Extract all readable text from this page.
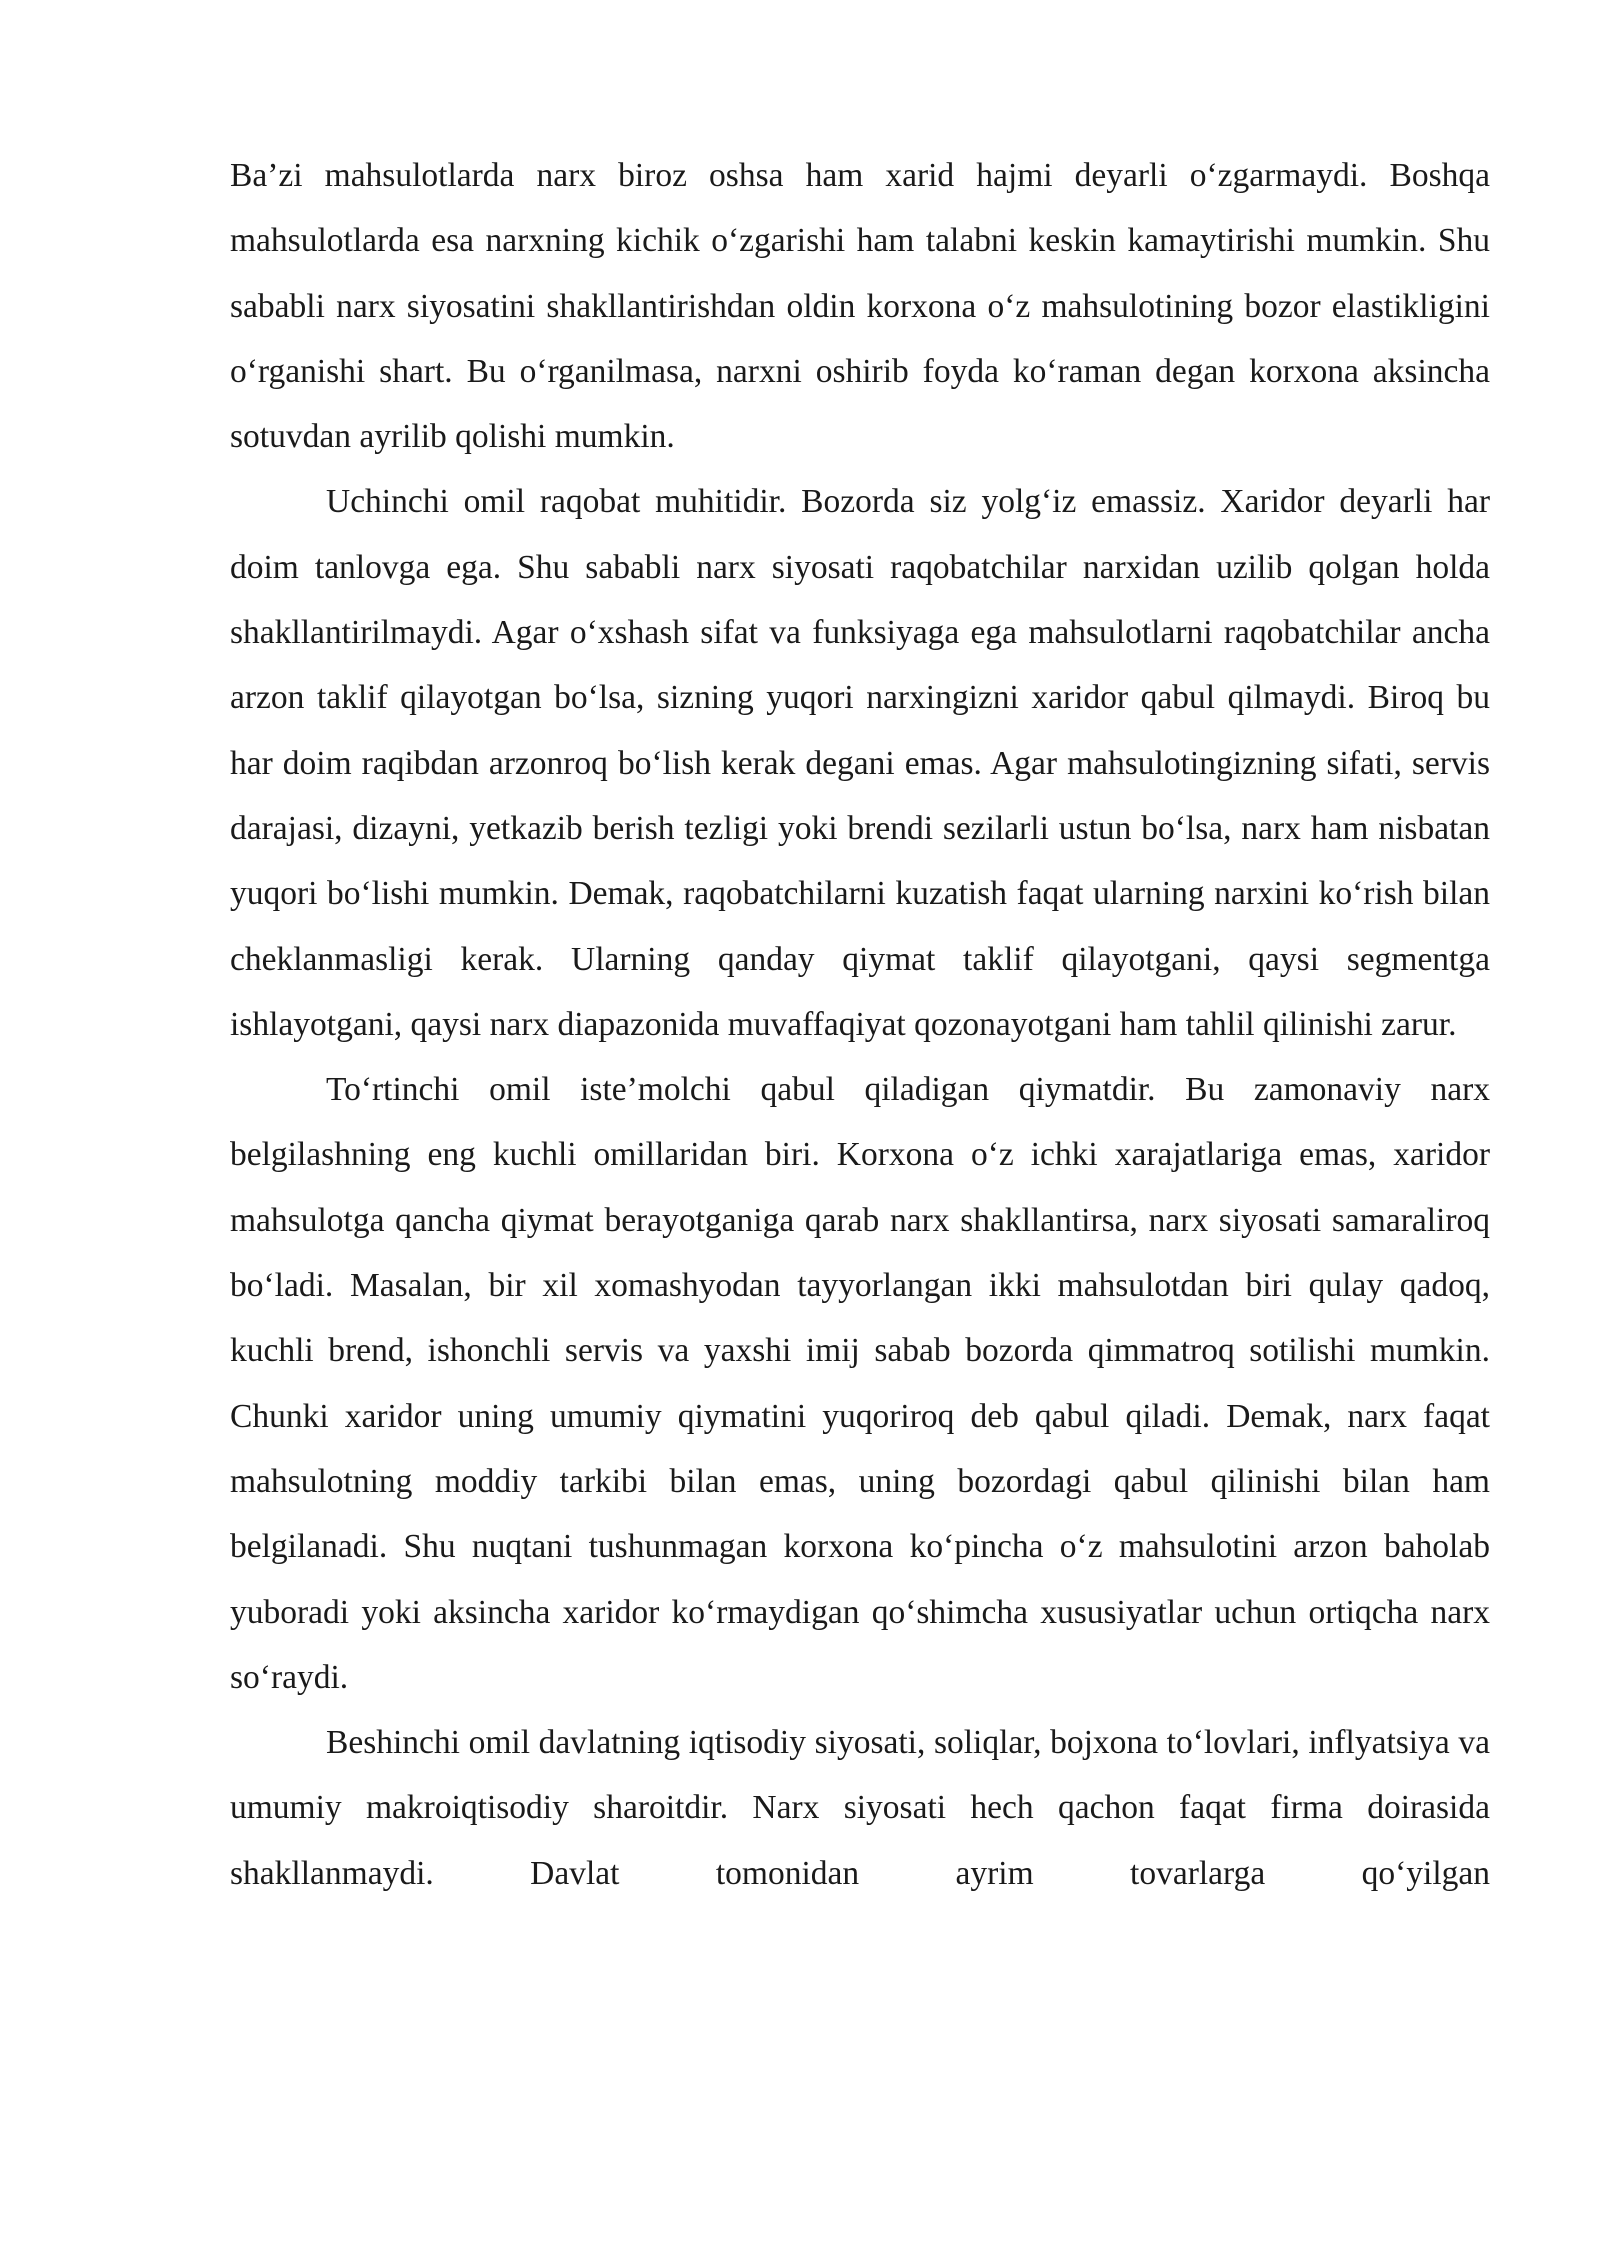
Ba’zi mahsulotlarda narx biroz oshsa ham xarid hajmi deyarli o‘zgarmaydi. Boshqa mahsulotlarda esa narxning kichik o‘zgarishi ham talabni keskin kamaytirishi mumkin. Shu sababli narx siyosatini shakllantirishdan oldin korxona o‘z mahsulotining bozor elastikligini o‘rganishi shart. Bu o‘rganilmasa, narxni oshirib foyda ko‘raman degan korxona aksincha sotuvdan ayrilib qolishi mumkin.

Uchinchi omil raqobat muhitidir. Bozorda siz yolg‘iz emassiz. Xaridor deyarli har doim tanlovga ega. Shu sababli narx siyosati raqobatchilar narxidan uzilib qolgan holda shakllantirilmaydi. Agar o‘xshash sifat va funksiyaga ega mahsulotlarni raqobatchilar ancha arzon taklif qilayotgan bo‘lsa, sizning yuqori narxingizni xaridor qabul qilmaydi. Biroq bu har doim raqibdan arzonroq bo‘lish kerak degani emas. Agar mahsulotingizning sifati, servis darajasi, dizayni, yetkazib berish tezligi yoki brendi sezilarli ustun bo‘lsa, narx ham nisbatan yuqori bo‘lishi mumkin. Demak, raqobatchilarni kuzatish faqat ularning narxini ko‘rish bilan cheklanmasligi kerak. Ularning qanday qiymat taklif qilayotgani, qaysi segmentga ishlayotgani, qaysi narx diapazonida muvaffaqiyat qozonayotgani ham tahlil qilinishi zarur.

To‘rtinchi omil iste’molchi qabul qiladigan qiymatdir. Bu zamonaviy narx belgilashning eng kuchli omillaridan biri. Korxona o‘z ichki xarajatlariga emas, xaridor mahsulotga qancha qiymat berayotganiga qarab narx shakllantirsa, narx siyosati samaraliroq bo‘ladi. Masalan, bir xil xomashyodan tayyorlangan ikki mahsulotdan biri qulay qadoq, kuchli brend, ishonchli servis va yaxshi imij sabab bozorda qimmatroq sotilishi mumkin. Chunki xaridor uning umumiy qiymatini yuqoriroq deb qabul qiladi. Demak, narx faqat mahsulotning moddiy tarkibi bilan emas, uning bozordagi qabul qilinishi bilan ham belgilanadi. Shu nuqtani tushunmagan korxona ko‘pincha o‘z mahsulotini arzon baholab yuboradi yoki aksincha xaridor ko‘rmaydigan qo‘shimcha xususiyatlar uchun ortiqcha narx so‘raydi.

Beshinchi omil davlatning iqtisodiy siyosati, soliqlar, bojxona to‘lovlari, inflyatsiya va umumiy makroiqtisodiy sharoitdir. Narx siyosati hech qachon faqat firma doirasida shakllanmaydi. Davlat tomonidan ayrim tovarlarga qo‘yilgan
